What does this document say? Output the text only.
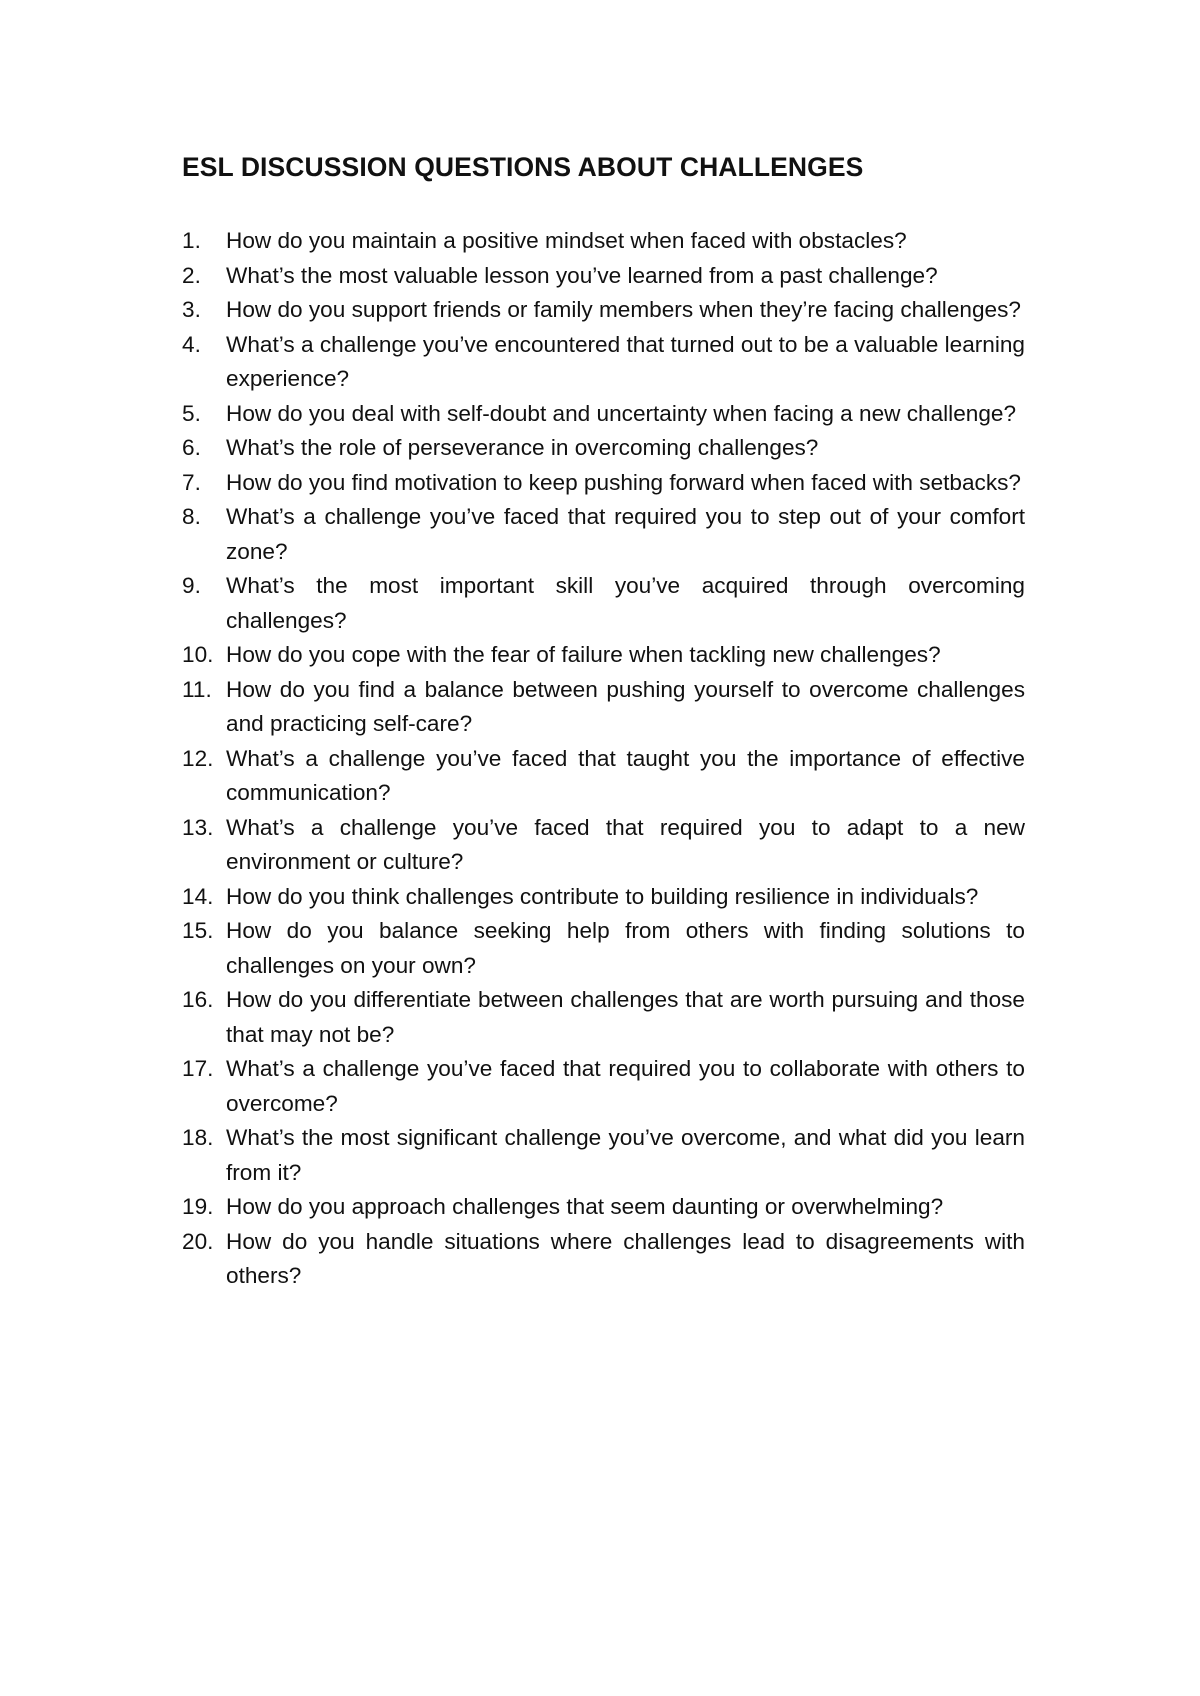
ESL DISCUSSION QUESTIONS ABOUT CHALLENGES
1.	How do you maintain a positive mindset when faced with obstacles?
2.	What’s the most valuable lesson you’ve learned from a past challenge?
3.	How do you support friends or family members when they’re facing challenges?
4.	What’s a challenge you’ve encountered that turned out to be a valuable learning experience?
5.	How do you deal with self-doubt and uncertainty when facing a new challenge?
6.	What’s the role of perseverance in overcoming challenges?
7.	How do you find motivation to keep pushing forward when faced with setbacks?
8.	What’s a challenge you’ve faced that required you to step out of your comfort zone?
9.	What’s the most important skill you’ve acquired through overcoming challenges?
10. How do you cope with the fear of failure when tackling new challenges?
11. How do you find a balance between pushing yourself to overcome challenges and practicing self-care?
12. What’s a challenge you’ve faced that taught you the importance of effective communication?
13. What’s a challenge you’ve faced that required you to adapt to a new environment or culture?
14. How do you think challenges contribute to building resilience in individuals?
15. How do you balance seeking help from others with finding solutions to challenges on your own?
16. How do you differentiate between challenges that are worth pursuing and those that may not be?
17. What’s a challenge you’ve faced that required you to collaborate with others to overcome?
18. What’s the most significant challenge you’ve overcome, and what did you learn from it?
19. How do you approach challenges that seem daunting or overwhelming?
20. How do you handle situations where challenges lead to disagreements with others?
